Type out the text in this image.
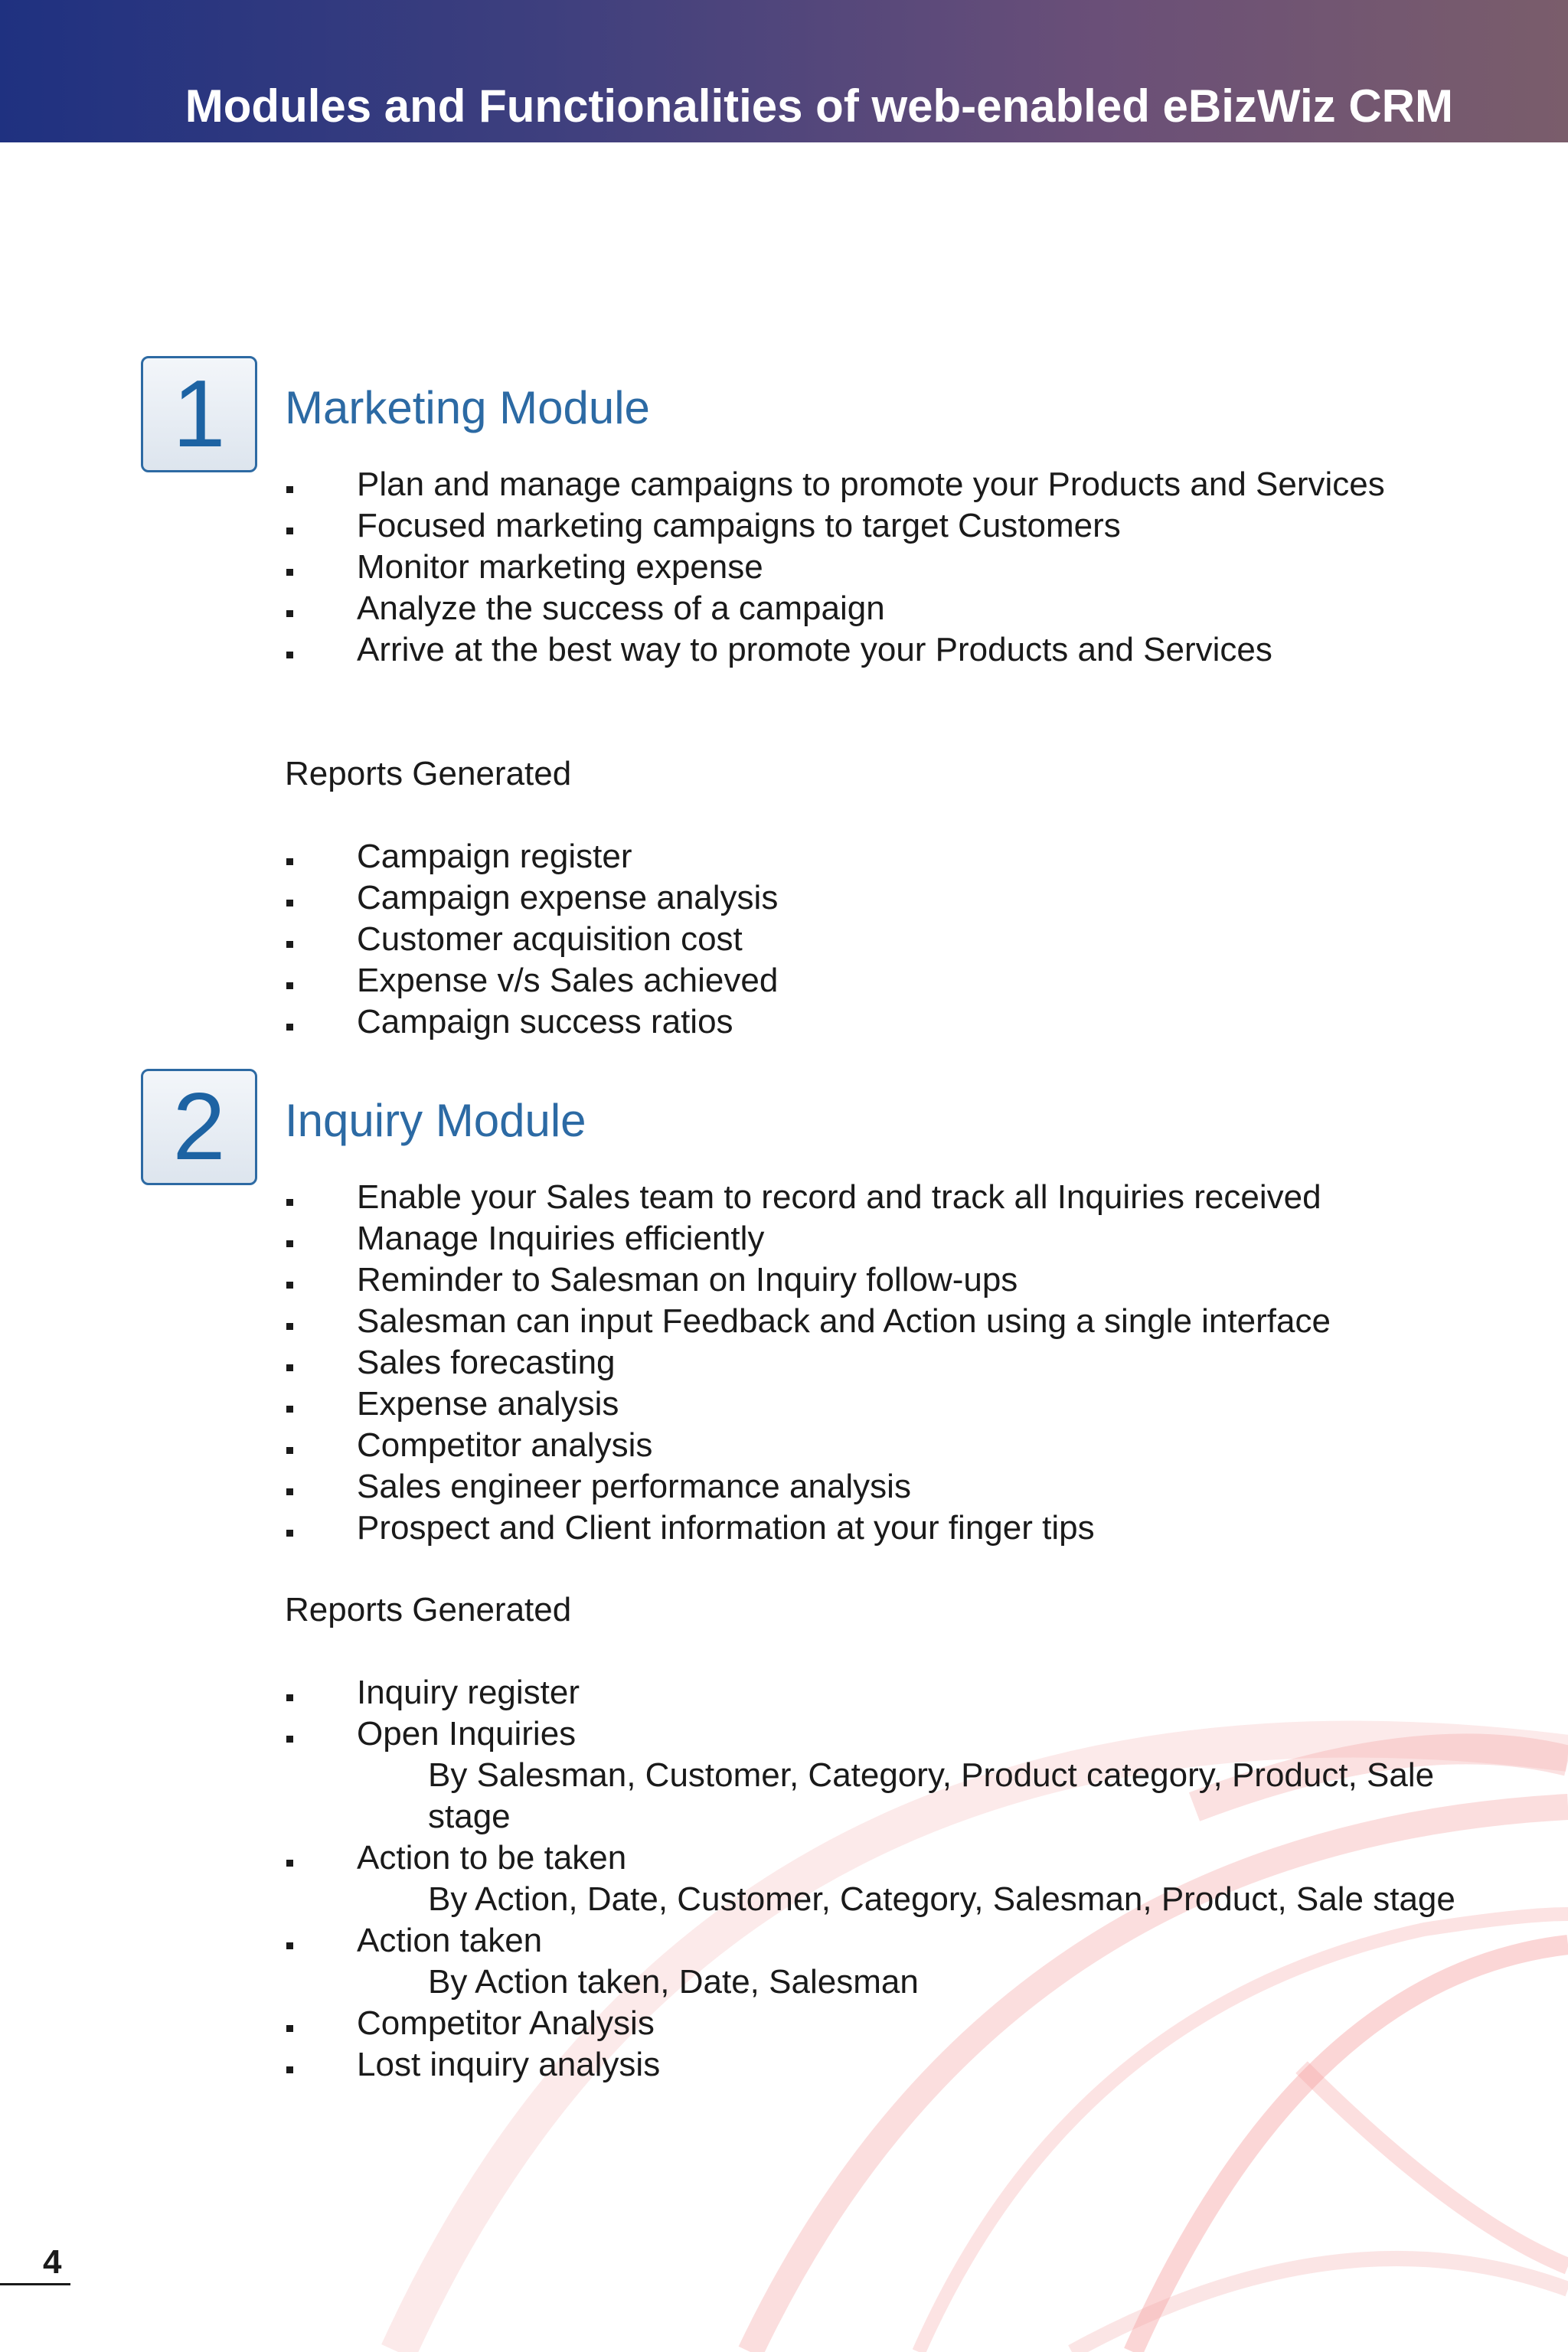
Modules and Functionalities of web-enabled eBizWiz CRM
1	Marketing Module
Plan and manage campaigns to promote your Products and Services
Focused marketing campaigns to target Customers
Monitor marketing expense
Analyze the success of a campaign
Arrive at the best way to promote your Products and Services
Reports Generated
Campaign register
Campaign expense analysis
Customer acquisition cost
Expense v/s Sales achieved
Campaign success ratios
2	Inquiry Module
Enable your Sales team to record and track all Inquiries received
Manage Inquiries efficiently
Reminder to Salesman on Inquiry follow-ups
Salesman can input Feedback and Action using a single interface
Sales forecasting
Expense analysis
Competitor analysis
Sales engineer performance analysis
Prospect and Client information at your finger tips
Reports Generated
Inquiry register
Open Inquiries
By Salesman, Customer, Category, Product category, Product, Sale stage
Action to be taken
By Action, Date, Customer, Category, Salesman, Product, Sale stage
Action taken
By Action taken, Date, Salesman
Competitor Analysis
Lost inquiry analysis
4
